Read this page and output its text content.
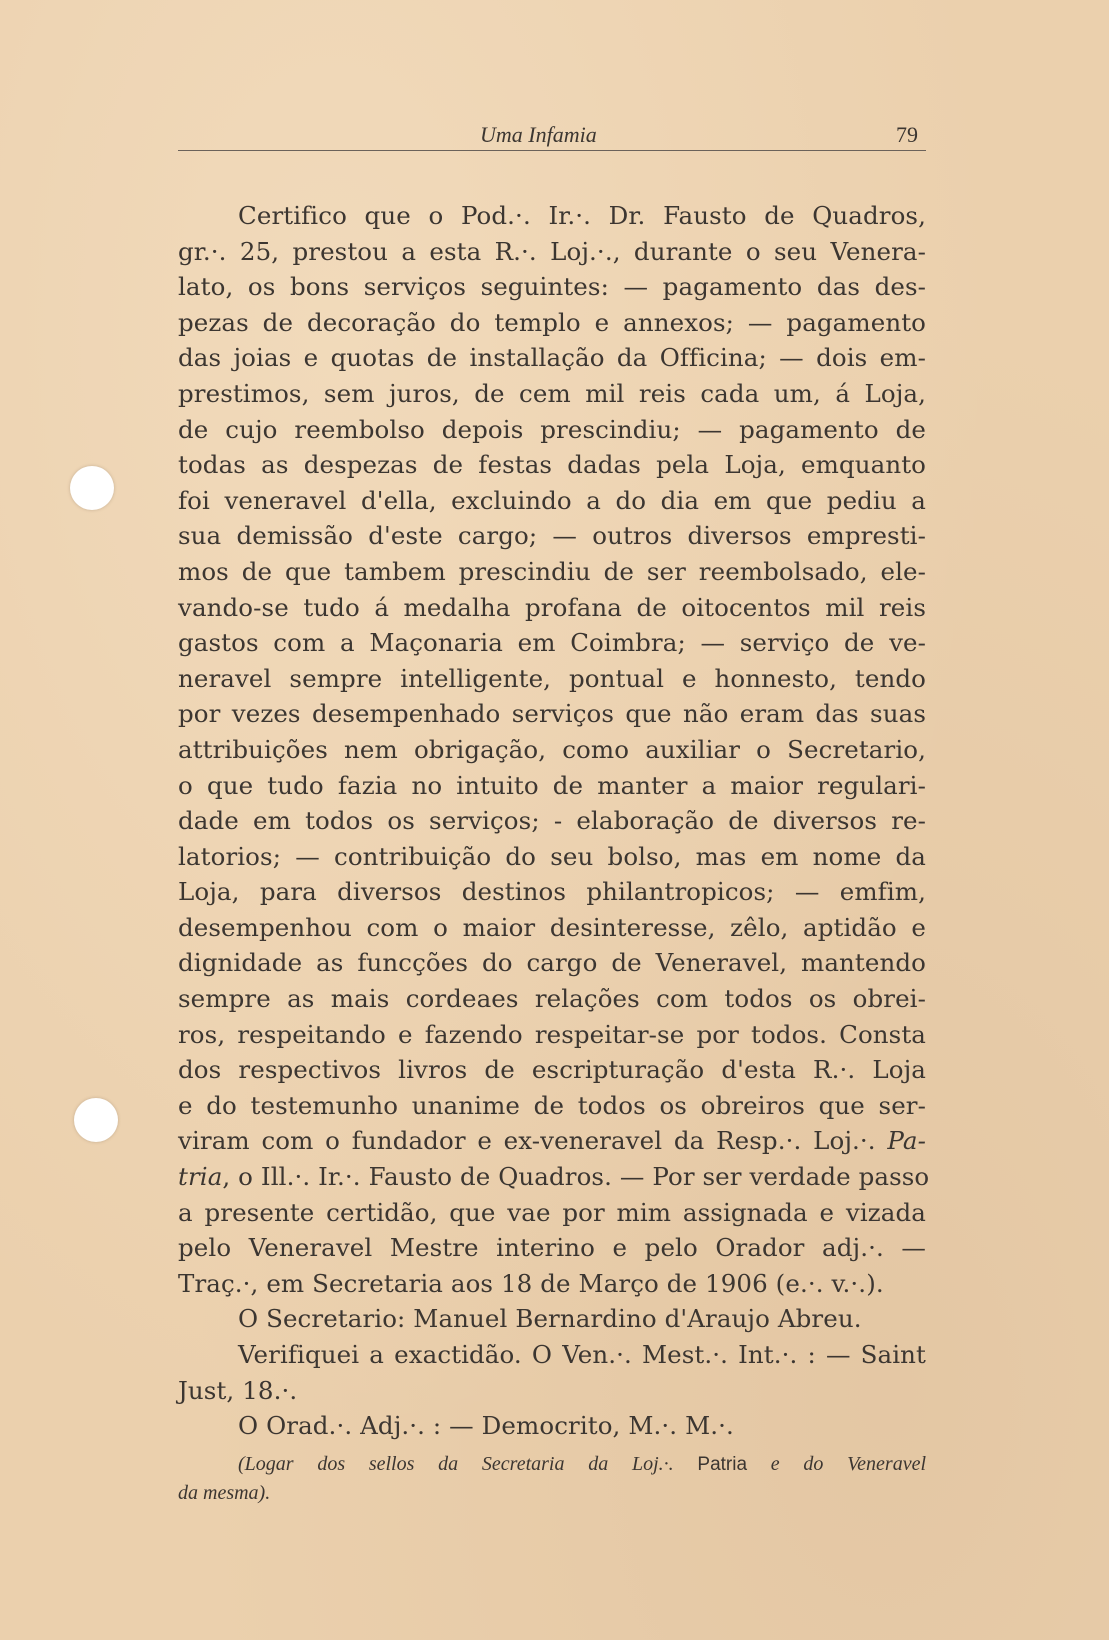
Uma Infamia	79
Certifico que o Pod.·. Ir.·. Dr. Fausto de Quadros,
gr.·. 25, prestou a esta R.·. Loj.·., durante o seu Venera-
lato, os bons serviços seguintes: — pagamento das des-
pezas de decoração do templo e annexos; — pagamento
das joias e quotas de installação da Officina; — dois em-
prestimos, sem juros, de cem mil reis cada um, á Loja,
de cujo reembolso depois prescindiu; — pagamento de
todas as despezas de festas dadas pela Loja, emquanto
foi veneravel d'ella, excluindo a do dia em que pediu a
sua demissão d'este cargo; — outros diversos empresti-
mos de que tambem prescindiu de ser reembolsado, ele-
vando-se tudo á medalha profana de oitocentos mil reis
gastos com a Maçonaria em Coimbra; — serviço de ve-
neravel sempre intelligente, pontual e honnesto, tendo
por vezes desempenhado serviços que não eram das suas
attribuições nem obrigação, como auxiliar o Secretario,
o que tudo fazia no intuito de manter a maior regulari-
dade em todos os serviços; - elaboração de diversos re-
latorios; — contribuição do seu bolso, mas em nome da
Loja, para diversos destinos philantropicos; — emfim,
desempenhou com o maior desinteresse, zêlo, aptidão e
dignidade as funcções do cargo de Veneravel, mantendo
sempre as mais cordeaes relações com todos os obrei-
ros, respeitando e fazendo respeitar-se por todos. Consta
dos respectivos livros de escripturação d'esta R.·. Loja
e do testemunho unanime de todos os obreiros que ser-
viram com o fundador e ex-veneravel da Resp.·. Loj.·. Pa-
tria, o Ill.·. Ir.·. Fausto de Quadros. — Por ser verdade passo
a presente certidão, que vae por mim assignada e vizada
pelo Veneravel Mestre interino e pelo Orador adj.·. —
Traç.·, em Secretaria aos 18 de Março de 1906 (e.·. v.·.).
O Secretario: Manuel Bernardino d'Araujo Abreu.
Verifiquei a exactidão. O Ven.·. Mest.·. Int.·. : — Saint
Just, 18.·.
O Orad.·. Adj.·. : — Democrito, M.·. M.·.
(Logar dos sellos da Secretaria da Loj.·. Patria e do Veneravel
da mesma).
